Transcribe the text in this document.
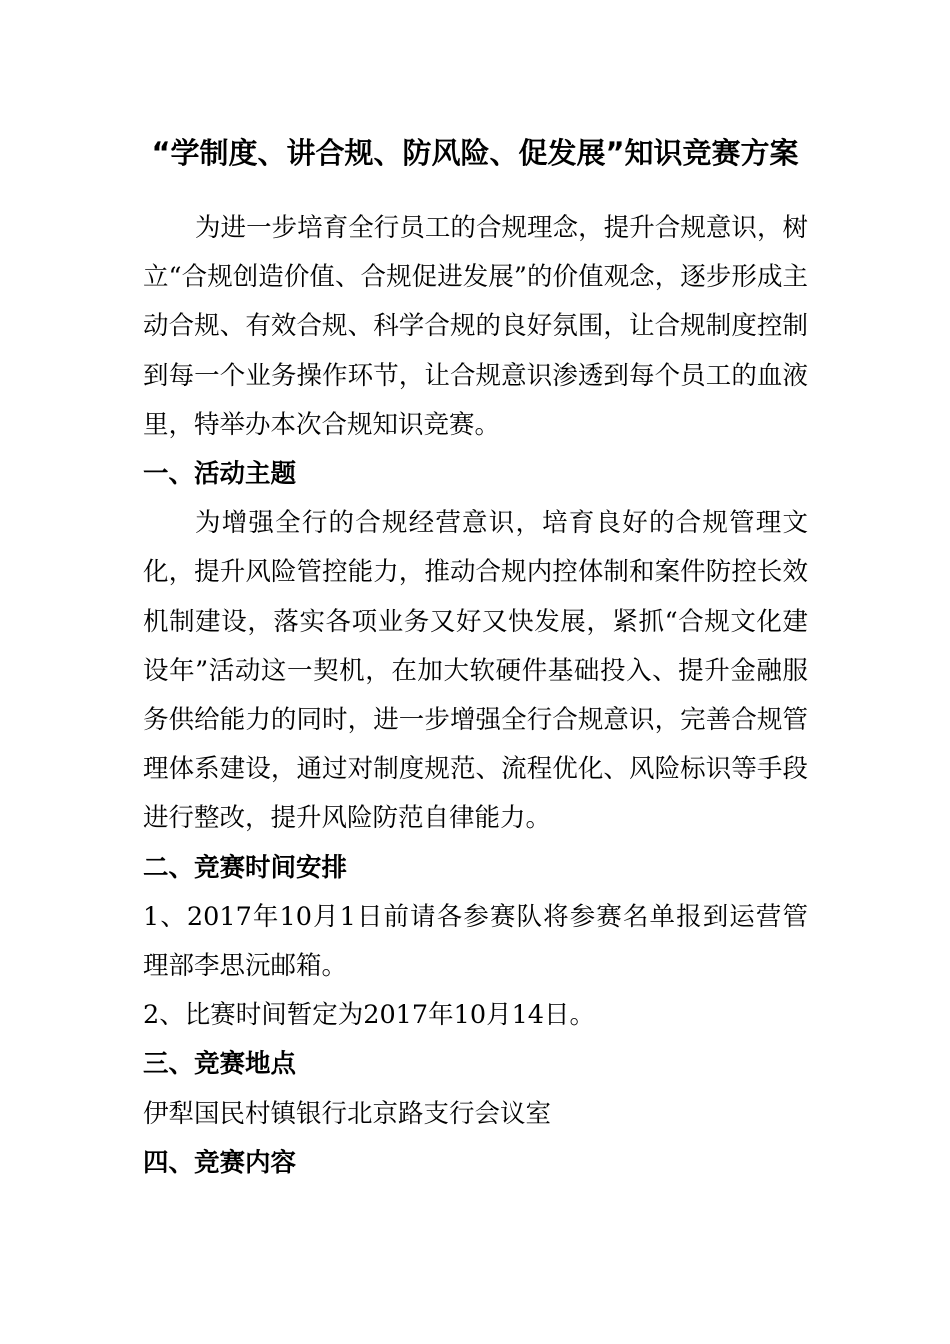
“学制度、讲合规、防风险、促发展”知识竞赛方案

为进一步培育全行员工的合规理念，提升合规意识，树立“合规创造价值、合规促进发展”的价值观念，逐步形成主动合规、有效合规、科学合规的良好氛围，让合规制度控制到每一个业务操作环节，让合规意识渗透到每个员工的血液里，特举办本次合规知识竞赛。

一、活动主题

为增强全行的合规经营意识，培育良好的合规管理文化，提升风险管控能力，推动合规内控体制和案件防控长效机制建设，落实各项业务又好又快发展，紧抓“合规文化建设年”活动这一契机，在加大软硬件基础投入、提升金融服务供给能力的同时，进一步增强全行合规意识，完善合规管理体系建设，通过对制度规范、流程优化、风险标识等手段进行整改，提升风险防范自律能力。

二、竞赛时间安排

1、2017年10月1日前请各参赛队将参赛名单报到运营管理部李思沅邮箱。

2、比赛时间暂定为2017年10月14日。

三、竞赛地点

伊犁国民村镇银行北京路支行会议室

四、竞赛内容
